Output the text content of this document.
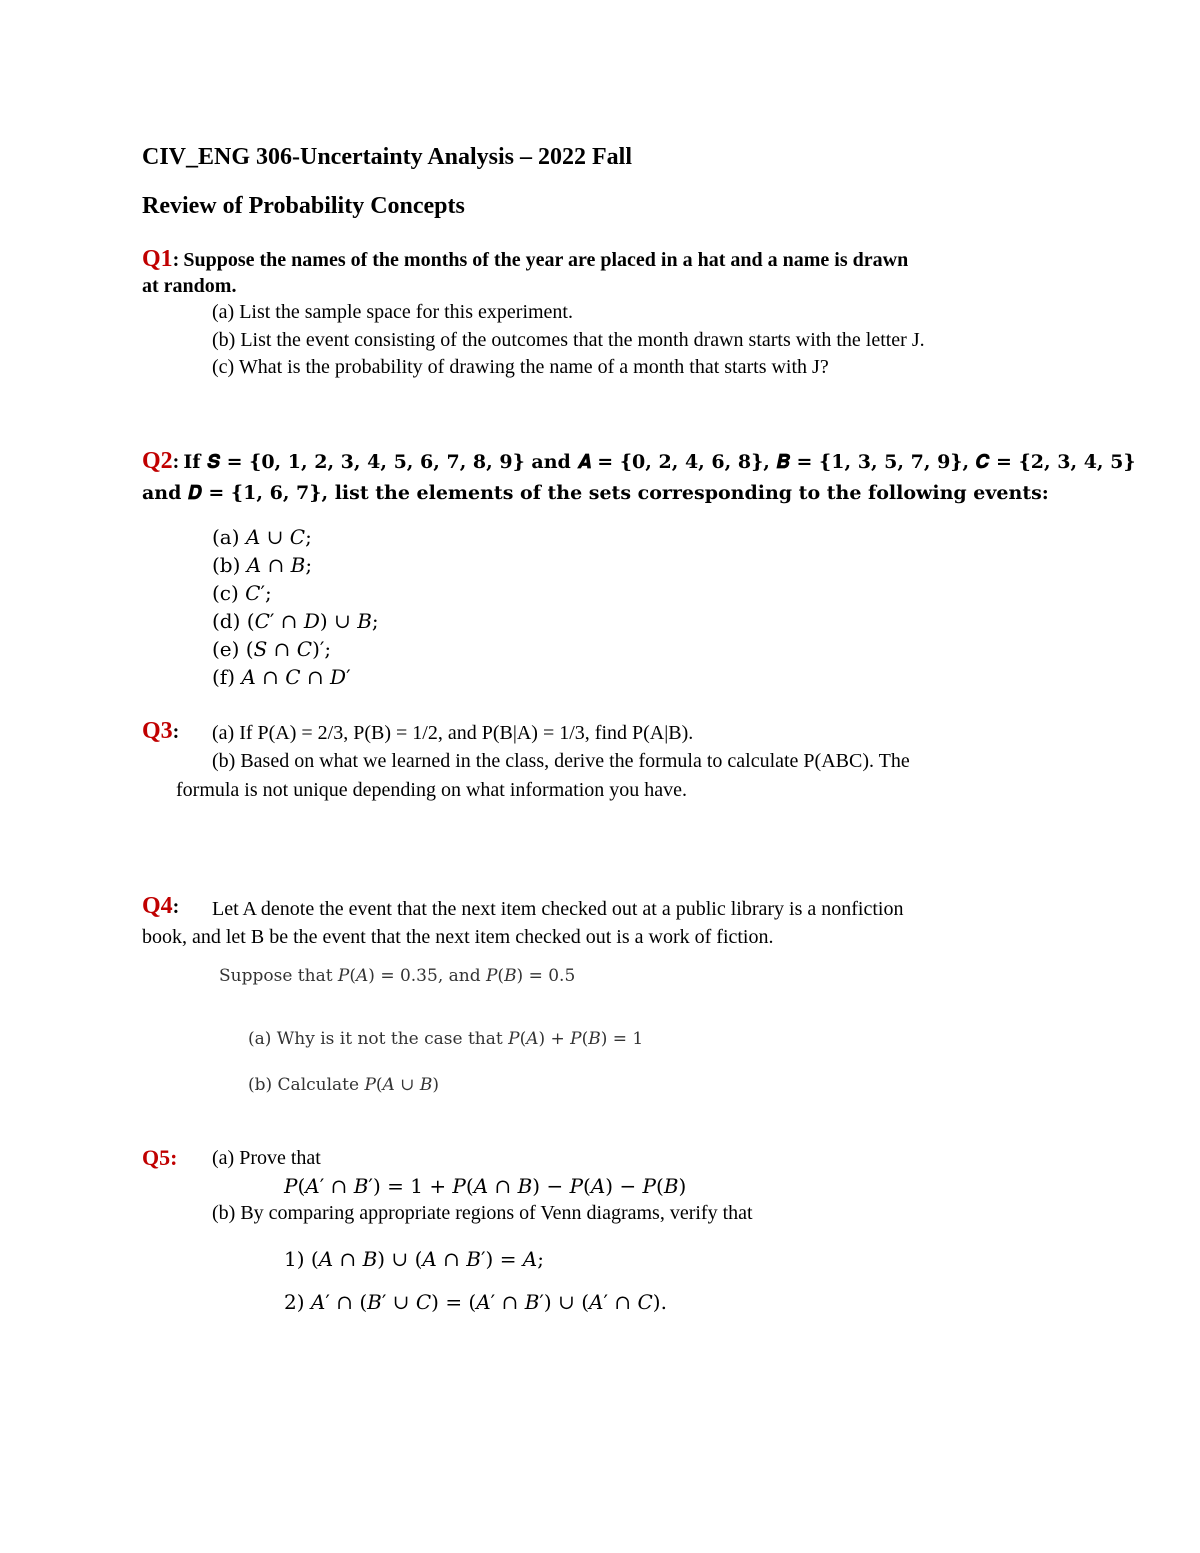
CIV_ENG 306-Uncertainty Analysis – 2022 Fall
Review of Probability Concepts
Q1: Suppose the names of the months of the year are placed in a hat and a name is drawn
at random.
(a) List the sample space for this experiment.
(b) List the event consisting of the outcomes that the month drawn starts with the letter J.
(c) What is the probability of drawing the name of a month that starts with J?
Q2: If 𝑺 = {𝟎, 𝟏, 𝟐, 𝟑, 𝟒, 𝟓, 𝟔, 𝟕, 𝟖, 𝟗} and 𝑨 = {𝟎, 𝟐, 𝟒, 𝟔, 𝟖}, 𝑩 = {𝟏, 𝟑, 𝟓, 𝟕, 𝟗}, 𝑪 = {𝟐, 𝟑, 𝟒, 𝟓}
and 𝑫 = {𝟏, 𝟔, 𝟕}, list the elements of the sets corresponding to the following events:
(a) 𝐴 ∪ 𝐶;
(b) 𝐴 ∩ 𝐵;
(c) 𝐶′;
(d) (𝐶′ ∩ 𝐷) ∪ 𝐵;
(e) (𝑆 ∩ 𝐶)′;
(f) 𝐴 ∩ 𝐶 ∩ 𝐷′
Q3: (a) If P(A) = 2/3, P(B) = 1/2, and P(B|A) = 1/3, find P(A|B).
(b) Based on what we learned in the class, derive the formula to calculate P(ABC). The
formula is not unique depending on what information you have.
Q4: Let A denote the event that the next item checked out at a public library is a nonfiction
book, and let B be the event that the next item checked out is a work of fiction.
Suppose that 𝑃(𝐴) = 0.35, and 𝑃(𝐵) = 0.5
(a) Why is it not the case that 𝑃(𝐴) + 𝑃(𝐵) = 1
(b) Calculate 𝑃(𝐴 ∪ 𝐵)
Q5: (a) Prove that
𝑃(𝐴′ ∩ 𝐵′) = 1 + 𝑃(𝐴 ∩ 𝐵) − 𝑃(𝐴) − 𝑃(𝐵)
(b) By comparing appropriate regions of Venn diagrams, verify that
1) (𝐴 ∩ 𝐵) ∪ (𝐴 ∩ 𝐵′) = 𝐴;
2) 𝐴′ ∩ (𝐵′ ∪ 𝐶) = (𝐴′ ∩ 𝐵′) ∪ (𝐴′ ∩ 𝐶).
